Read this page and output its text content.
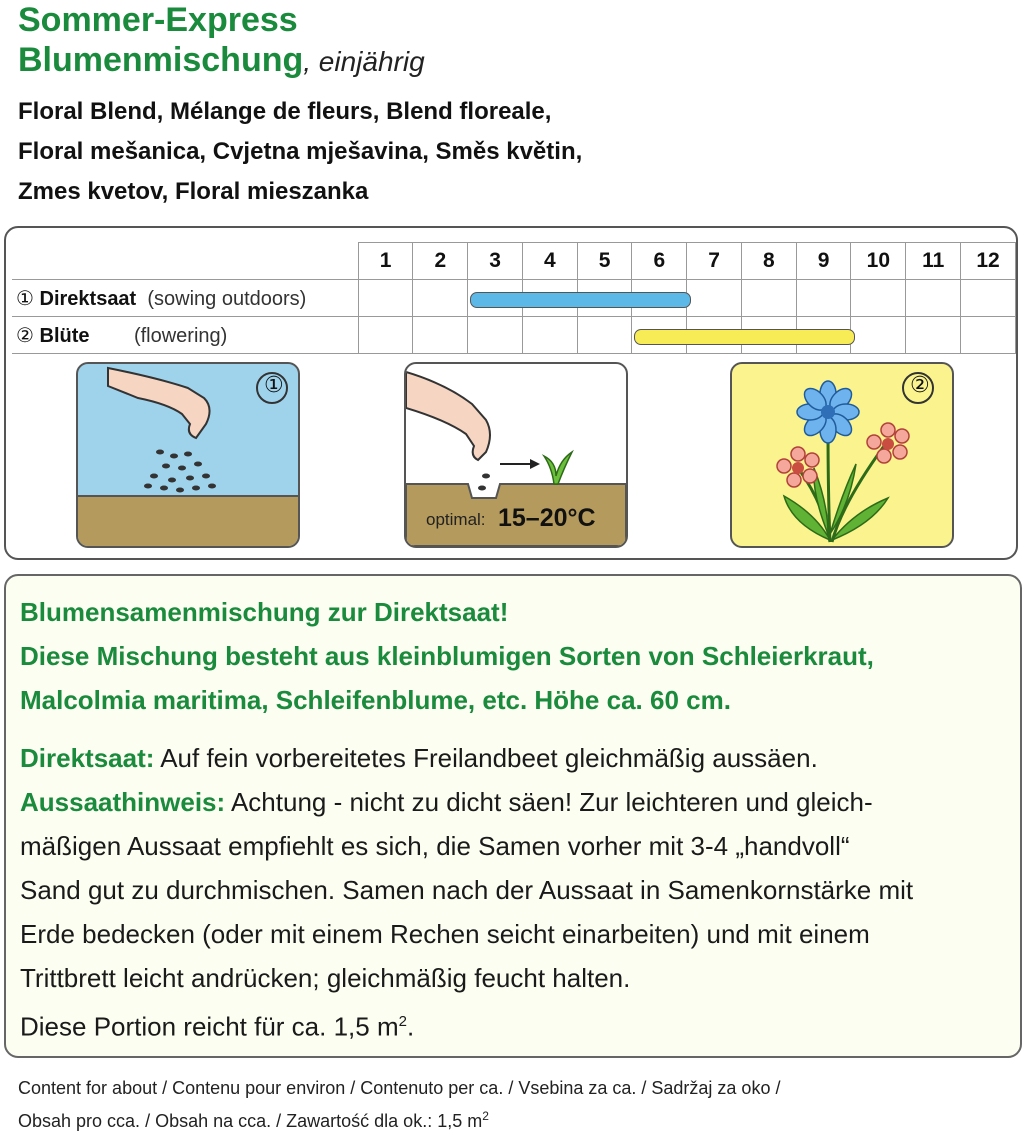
Sommer-Express
Blumenmischung, einjährig
Floral Blend, Mélange de fleurs, Blend floreale,
Floral mešanica, Cvjetna mješavina, Směs květin,
Zmes kvetov, Floral mieszanka
	1	2	3	4	5	6	7	8	9	10	11	12
① Direktsaat (sowing outdoors)												
② Blüte (flowering)												
①
optimal: 15–20°C
②
Blumensamenmischung zur Direktsaat!
Diese Mischung besteht aus kleinblumigen Sorten von Schleierkraut,
Malcolmia maritima, Schleifenblume, etc. Höhe ca. 60 cm.
Direktsaat: Auf fein vorbereitetes Freilandbeet gleichmäßig aussäen.
Aussaathinweis: Achtung - nicht zu dicht säen! Zur leichteren und gleich-
mäßigen Aussaat empfiehlt es sich, die Samen vorher mit 3-4 „handvoll“
Sand gut zu durchmischen. Samen nach der Aussaat in Samenkornstärke mit
Erde bedecken (oder mit einem Rechen seicht einarbeiten) und mit einem
Trittbrett leicht andrücken; gleichmäßig feucht halten.
Diese Portion reicht für ca. 1,5 $m^2$.
Content for about / Contenu pour environ / Contenuto per ca. / Vsebina za ca. / Sadržaj za oko /
Obsah pro cca. / Obsah na cca. / Zawartość dla ok.: 1,5 $m^2$
